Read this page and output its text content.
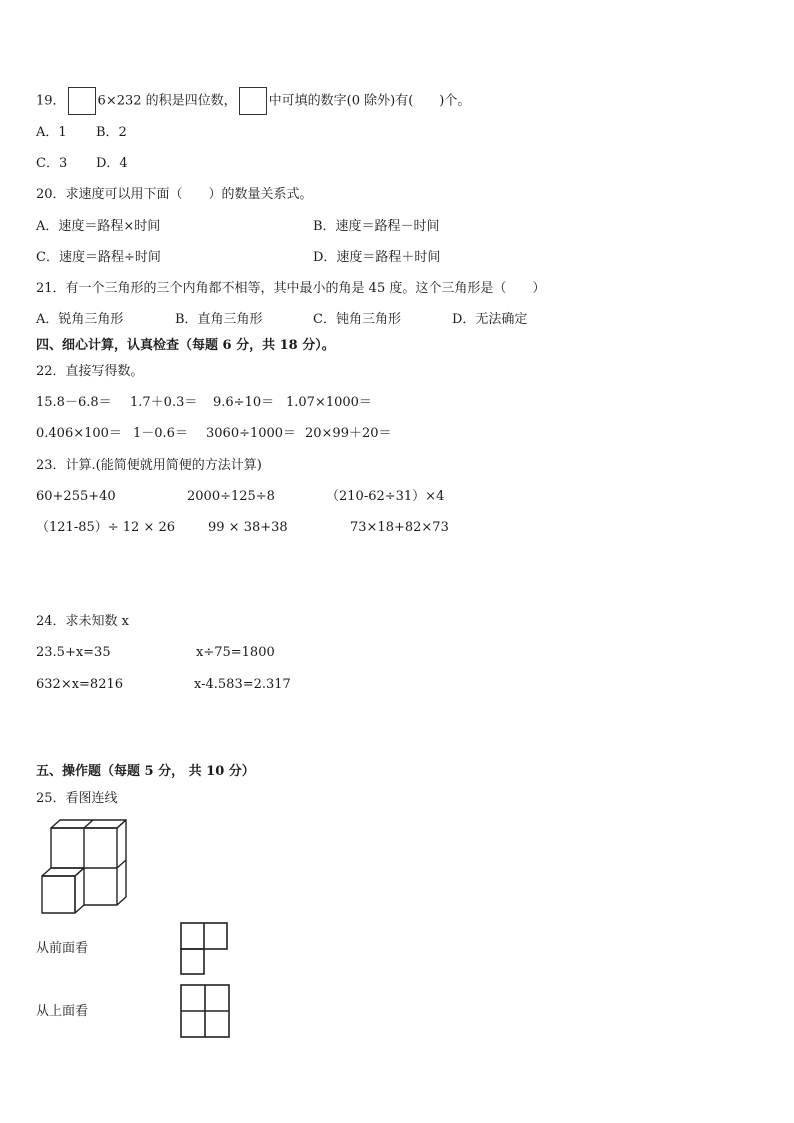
19． 6×232 的积是四位数， 中可填的数字(0 除外)有(　　)个。
A．1 B．2
C．3 D．4
20．求速度可以用下面（　　）的数量关系式。
A．速度＝路程×时间	B．速度＝路程－时间
C．速度＝路程÷时间	D．速度＝路程＋时间
21．有一个三角形的三个内角都不相等，其中最小的角是 45 度。这个三角形是（　　）
A．锐角三角形	B．直角三角形	C．钝角三角形	D．无法确定
四、细心计算，认真检查（每题 6 分，共 18 分）。
22．直接写得数。
15.8－6.8＝ 1.7＋0.3＝ 9.6÷10＝ 1.07×1000＝
0.406×100＝ 1－0.6＝ 3060÷1000＝ 20×99＋20＝
23．计算.(能简便就用简便的方法计算)
60+255+40	2000÷125÷8	（210-62÷31）×4
（121-85）÷ 12 × 26	99 × 38+38	73×18+82×73
24．求未知数 x
23.5+x=35	x÷75=1800
632×x=8216	x-4.583=2.317
五、操作题（每题 5 分， 共 10 分）
25．看图连线
从前面看
从上面看
